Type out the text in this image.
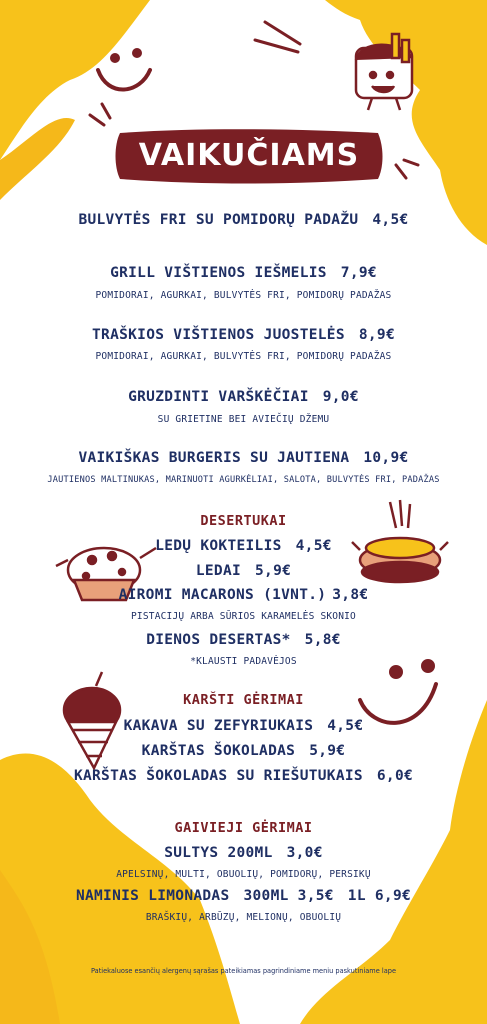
VAIKUČIAMS
BULVYTĖS FRI SU POMIDORŲ PADAŽU 4,5€
GRILL VIŠTIENOS IEŠMELIS 7,9€
POMIDORAI, AGURKAI, BULVYTĖS FRI, POMIDORŲ PADAŽAS
TRAŠKIOS VIŠTIENOS JUOSTELĖS 8,9€
POMIDORAI, AGURKAI, BULVYTĖS FRI, POMIDORŲ PADAŽAS
GRUZDINTI VARŠKĖČIAI 9,0€
SU GRIETINE BEI AVIEČIŲ DŽEMU
VAIKIŠKAS BURGERIS SU JAUTIENA 10,9€
JAUTIENOS MALTINUKAS, MARINUOTI AGURKĖLIAI, SALOTA, BULVYTĖS FRI, PADAŽAS
DESERTUKAI
LEDŲ KOKTEILIS 4,5€
LEDAI 5,9€
AIROMI MACARONS (1VNT.) 3,8€
PISTACIJŲ ARBA SŪRIOS KARAMELĖS SKONIO
DIENOS DESERTAS* 5,8€
*KLAUSTI PADAVĖJOS
KARŠTI GĖRIMAI
KAKAVA SU ZEFYRIUKAIS 4,5€
KARŠTAS ŠOKOLADAS 5,9€
KARŠTAS ŠOKOLADAS SU RIEŠUTUKAIS 6,0€
GAIVIEJI GĖRIMAI
SULTYS 200ML 3,0€
APELSINŲ, MULTI, OBUOLIŲ, POMIDORŲ, PERSIKŲ
NAMINIS LIMONADAS 300ML 3,5€ 1L 6,9€
BRAŠKIŲ, ARBŪZŲ, MELIONŲ, OBUOLIŲ
Patiekaluose esančių alergenų sąrašas pateikiamas pagrindiniame meniu paskutiniame lape
